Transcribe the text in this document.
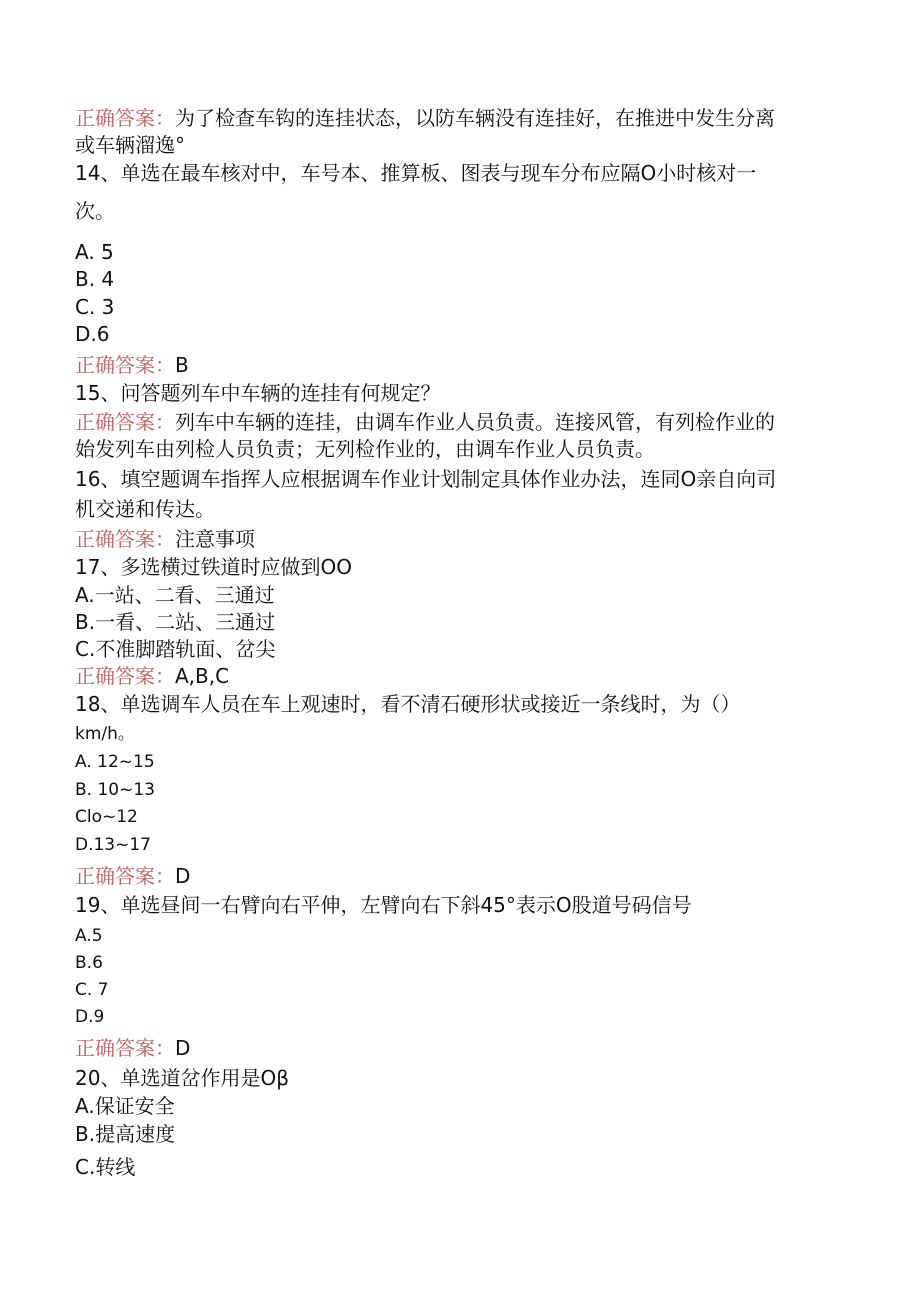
正确答案：为了检查车钩的连挂状态，以防车辆没有连挂好，在推进中发生分离
或车辆溜逸°
14、单选在最车核对中，车号本、推算板、图表与现车分布应隔O小时核对一
次。
A. 5
B. 4
C. 3
D.6
正确答案：B
15、问答题列车中车辆的连挂有何规定？
正确答案：列车中车辆的连挂，由调车作业人员负责。连接风管，有列检作业的
始发列车由列检人员负责；无列检作业的，由调车作业人员负责。
16、填空题调车指挥人应根据调车作业计划制定具体作业办法，连同O亲自向司
机交递和传达。
正确答案：注意事项
17、多选横过铁道时应做到OO
A.一站、二看、三通过
B.一看、二站、三通过
C.不准脚踏轨面、岔尖
正确答案：A,B,C
18、单选调车人员在车上观速时，看不清石硬形状或接近一条线时，为（）
km/h。
A. 12~15
B. 10~13
Clo~12
D.13~17
正确答案：D
19、单选昼间一右臂向右平伸，左臂向右下斜45°表示O股道号码信号
A.5
B.6
C. 7
D.9
正确答案：D
20、单选道岔作用是Oβ
A.保证安全
B.提高速度
C.转线
